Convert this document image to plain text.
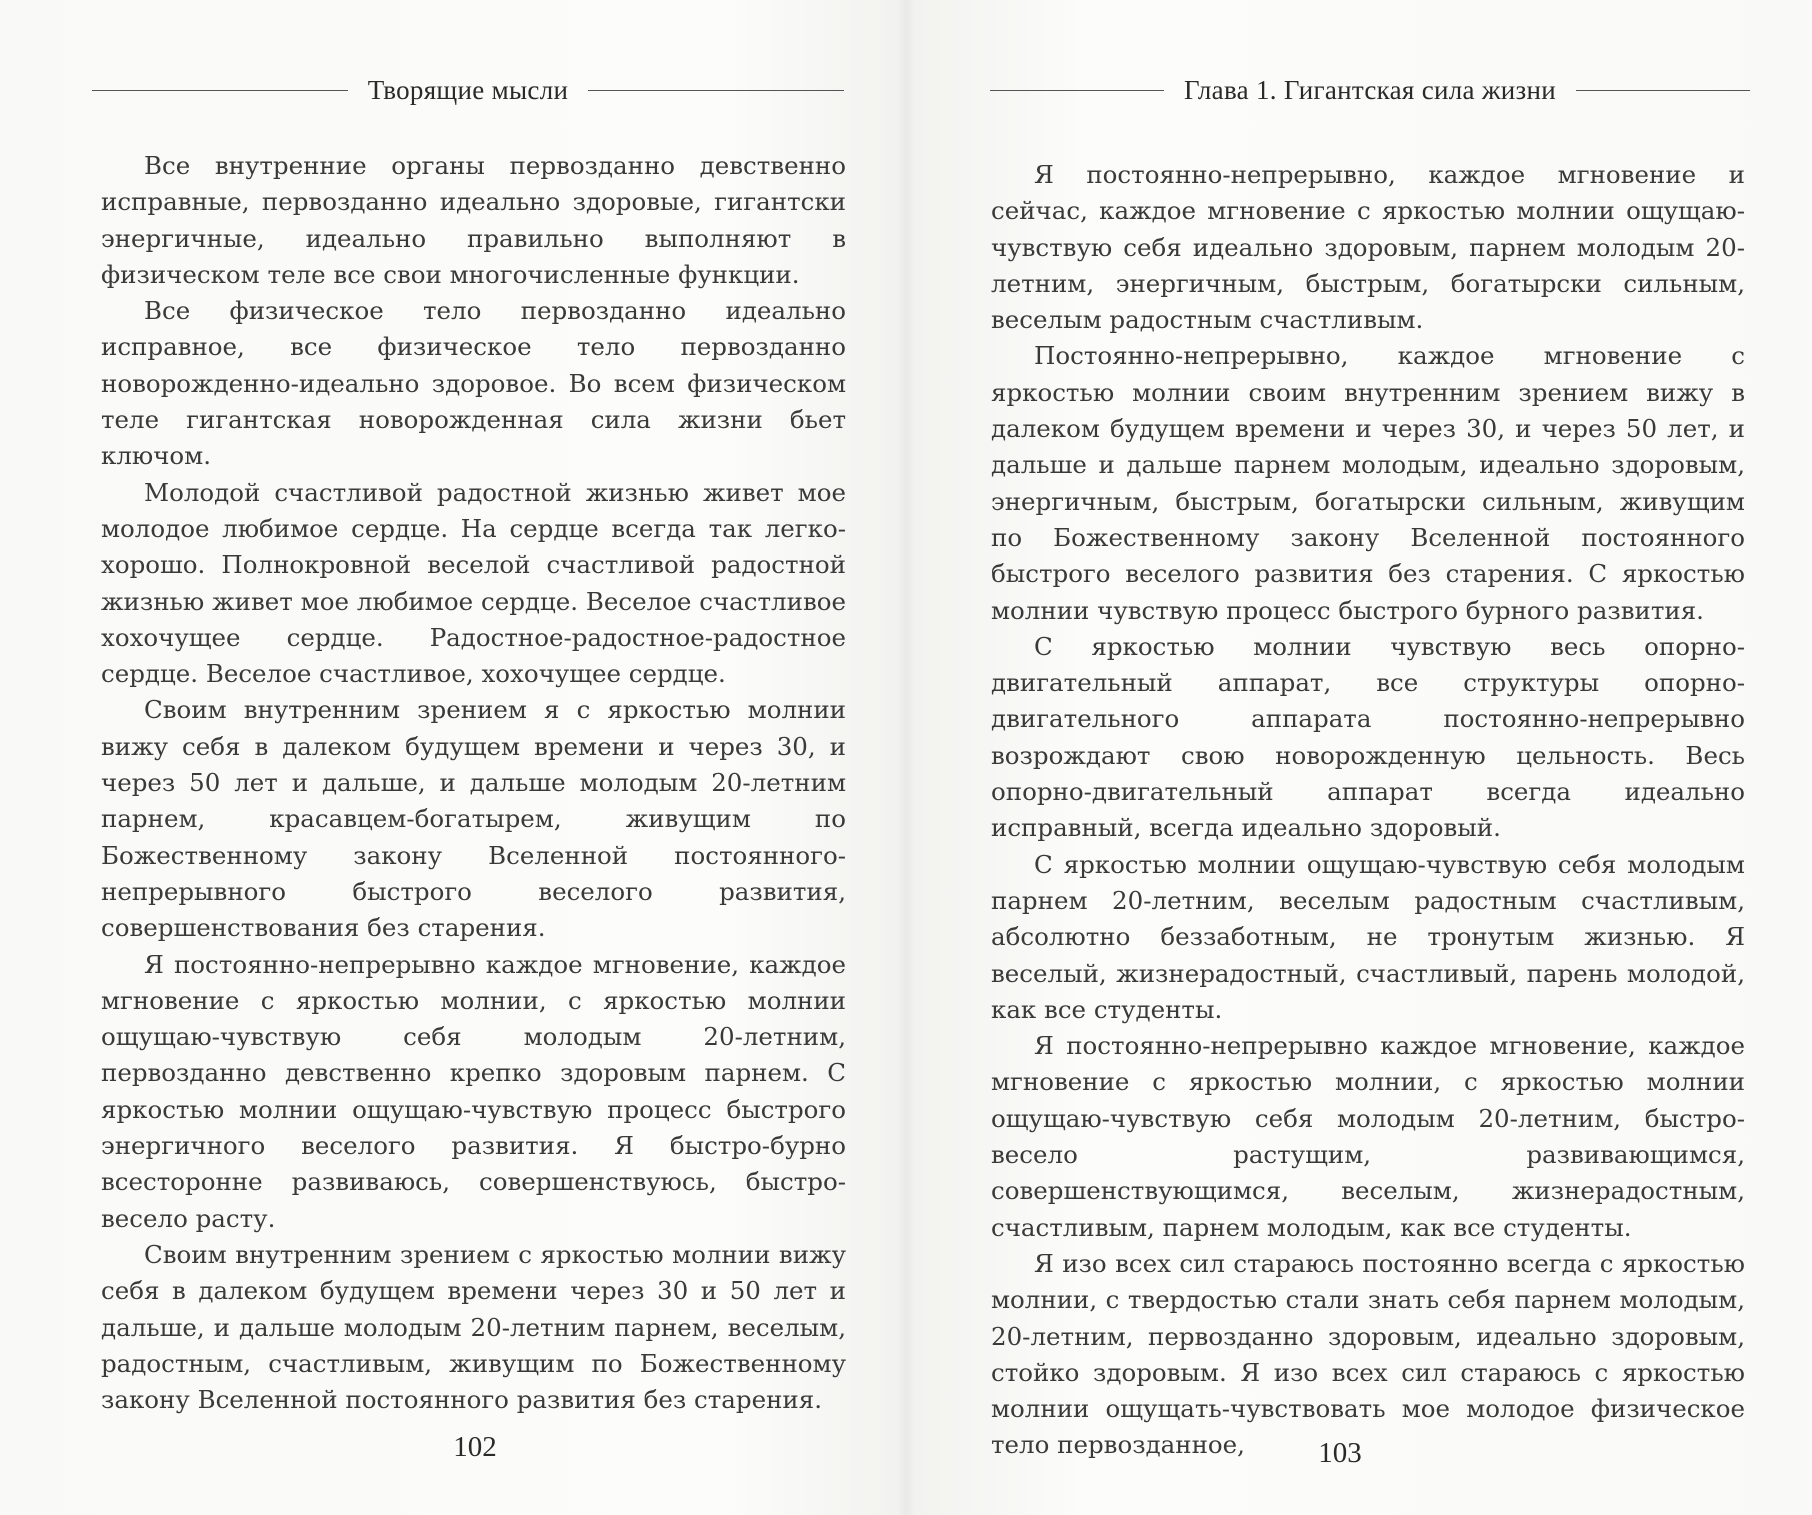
Творящие мысли

Все внутренние органы первозданно девственно исправные, первозданно идеально здоровые, гигантски энергичные, идеально правильно выполняют в физическом теле все свои многочисленные функции.

Все физическое тело первозданно идеально исправное, все физическое тело первозданно новорожденно-идеально здоровое. Во всем физическом теле гигантская новорожденная сила жизни бьет ключом.

Молодой счастливой радостной жизнью живет мое молодое любимое сердце. На сердце всегда так легко-хорошо. Полнокровной веселой счастливой радостной жизнью живет мое любимое сердце. Веселое счастливое хохочущее сердце. Радостное-радостное-радостное сердце. Веселое счастливое, хохочущее сердце.

Своим внутренним зрением я с яркостью молнии вижу себя в далеком будущем времени и через 30, и через 50 лет и дальше, и дальше молодым 20-летним парнем, красавцем-богатырем, живущим по Божественному закону Вселенной постоянного-непрерывного быстрого веселого развития, совершенствования без старения.

Я постоянно-непрерывно каждое мгновение, каждое мгновение с яркостью молнии, с яркостью молнии ощущаю-чувствую себя молодым 20-летним, первозданно девственно крепко здоровым парнем. С яркостью молнии ощущаю-чувствую процесс быстрого энергичного веселого развития. Я быстро-бурно всесторонне развиваюсь, совершенствуюсь, быстро-весело расту.

Своим внутренним зрением с яркостью молнии вижу себя в далеком будущем времени через 30 и 50 лет и дальше, и дальше молодым 20-летним парнем, веселым, радостным, счастливым, живущим по Божественному закону Вселенной постоянного развития без старения.

102
Глава 1. Гигантская сила жизни

Я постоянно-непрерывно, каждое мгновение и сейчас, каждое мгновение с яркостью молнии ощущаю-чувствую себя идеально здоровым, парнем молодым 20-летним, энергичным, быстрым, богатырски сильным, веселым радостным счастливым.

Постоянно-непрерывно, каждое мгновение с яркостью молнии своим внутренним зрением вижу в далеком будущем времени и через 30, и через 50 лет, и дальше и дальше парнем молодым, идеально здоровым, энергичным, быстрым, богатырски сильным, живущим по Божественному закону Вселенной постоянного быстрого веселого развития без старения. С яркостью молнии чувствую процесс быстрого бурного развития.

С яркостью молнии чувствую весь опорно-двигательный аппарат, все структуры опорно-двигательного аппарата постоянно-непрерывно возрождают свою новорожденную цельность. Весь опорно-двигательный аппарат всегда идеально исправный, всегда идеально здоровый.

С яркостью молнии ощущаю-чувствую себя молодым парнем 20-летним, веселым радостным счастливым, абсолютно беззаботным, не тронутым жизнью. Я веселый, жизнерадостный, счастливый, парень молодой, как все студенты.

Я постоянно-непрерывно каждое мгновение, каждое мгновение с яркостью молнии, с яркостью молнии ощущаю-чувствую себя молодым 20-летним, быстро-весело растущим, развивающимся, совершенствующимся, веселым, жизнерадостным, счастливым, парнем молодым, как все студенты.

Я изо всех сил стараюсь постоянно всегда с яркостью молнии, с твердостью стали знать себя парнем молодым, 20-летним, первозданно здоровым, идеально здоровым, стойко здоровым. Я изо всех сил стараюсь с яркостью молнии ощущать-чувствовать мое молодое физическое тело первозданное,	103
